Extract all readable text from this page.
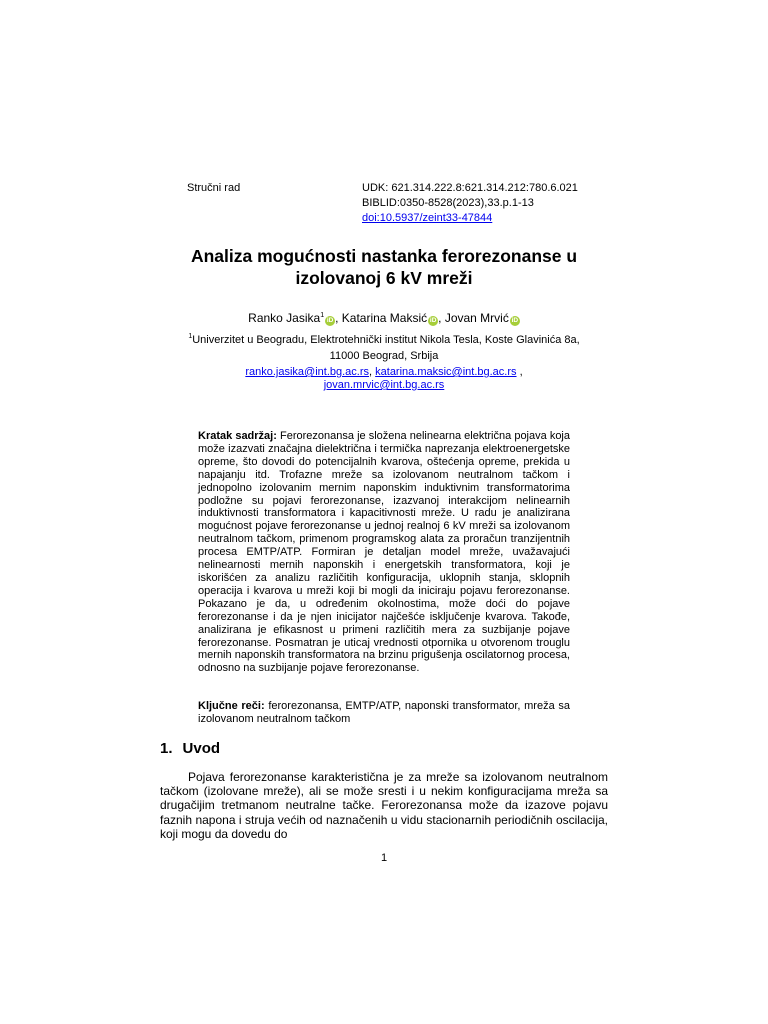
Stručni rad	UDK: 621.314.222.8:621.314.212:780.6.021
BIBLID:0350-8528(2023),33.p.1-13
doi:10.5937/zeint33-47844
Analiza mogućnosti nastanka ferorezonanse u izolovanoj 6 kV mreži
Ranko Jasika$^1$iD , Katarina Maksić iD , Jovan Mrvić iD
$^1$Univerzitet u Beogradu, Elektrotehnički institut Nikola Tesla, Koste Glavinića 8a,
11000 Beograd, Srbija
ranko.jasika@int.bg.ac.rs, katarina.maksic@int.bg.ac.rs ,
jovan.mrvic@int.bg.ac.rs
Kratak sadržaj: Ferorezonansa je složena nelinearna električna pojava koja može izazvati značajna dielektrična i termička naprezanja elektroenergetske opreme, što dovodi do potencijalnih kvarova, oštećenja opreme, prekida u napajanju itd. Trofazne mreže sa izolovanom neutralnom tačkom i jednopolno izolovanim mernim naponskim induktivnim transformatorima podložne su pojavi ferorezonanse, izazvanoj interakcijom nelinearnih induktivnosti transformatora i kapacitivnosti mreže. U radu je analizirana mogućnost pojave ferorezonanse u jednoj realnoj 6 kV mreži sa izolovanom neutralnom tačkom, primenom programskog alata za proračun tranzijentnih procesa EMTP/ATP. Formiran je detaljan model mreže, uvažavajući nelinearnosti mernih naponskih i energetskih transformatora, koji je iskorišćen za analizu različitih konfiguracija, uklopnih stanja, sklopnih operacija i kvarova u mreži koji bi mogli da iniciraju pojavu ferorezonanse. Pokazano je da, u određenim okolnostima, može doći do pojave ferorezonanse i da je njen inicijator najčešće isključenje kvarova. Takođe, analizirana je efikasnost u primeni različitih mera za suzbijanje pojave ferorezonanse. Posmatran je uticaj vrednosti otpornika u otvorenom trouglu mernih naponskih transformatora na brzinu prigušenja oscilatornog procesa, odnosno na suzbijanje pojave ferorezonanse.
Ključne reči: ferorezonansa, EMTP/ATP, naponski transformator, mreža sa izolovanom neutralnom tačkom
1. Uvod
Pojava ferorezonanse karakteristična je za mreže sa izolovanom neutralnom tačkom (izolovane mreže), ali se može sresti i u nekim konfiguracijama mreža sa drugačijim tretmanom neutralne tačke. Ferorezonansa može da izazove pojavu faznih napona i struja većih od naznačenih u vidu stacionarnih periodičnih oscilacija, koji mogu da dovedu do
1
